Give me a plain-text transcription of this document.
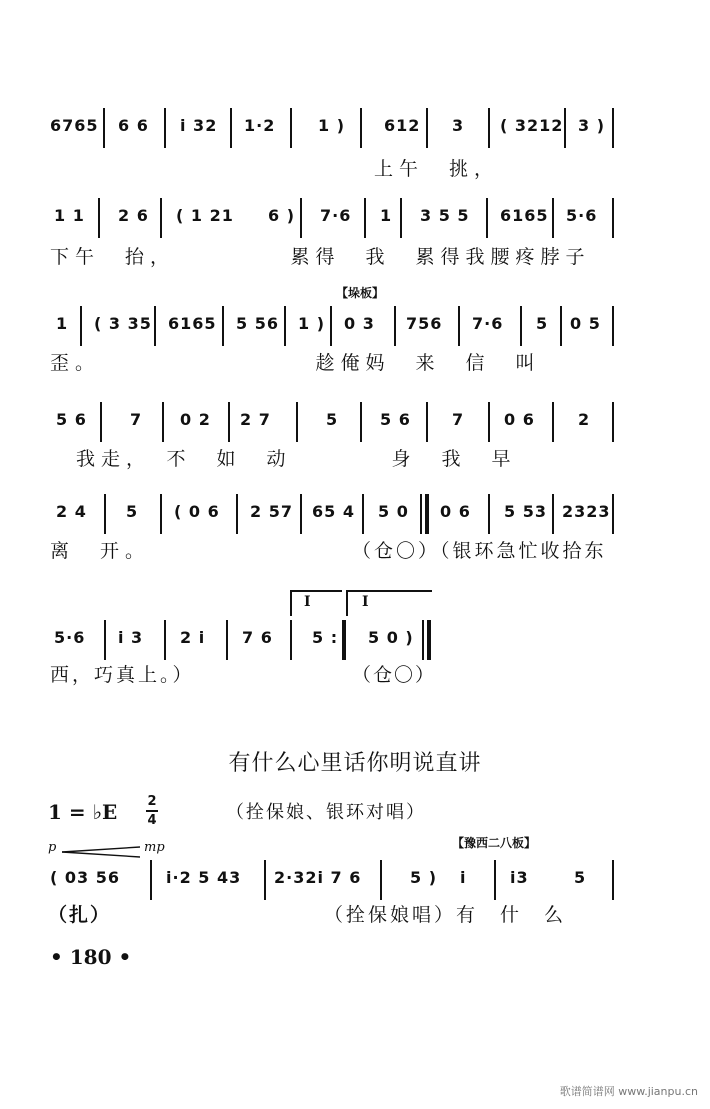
6765 6 6 i 32 1·2	1 ) 612 3 ( 3212 3 )
上午　挑，
1 1 2 6 ( 1 21 6 ) 7·6 1 3 5 5 6165 5·6
下午　抬，　　　　　累得　我　累得我腰疼脖子
【垛板】
1 ( 3 35 6165 5 56 1 ) 0 3 756 7·6 5 0 5
歪。　　　　　　　　　趁俺妈　来　信　叫
5 6	7 0 2 2 7	5	5 6	7 0 6	2
我走，　不　如　动　　　　身　我　早
2 4 5 ( 0 6 2 57 65 4 5 0 0 6 5 53 2323
离　开。	（仓〇）（银环急忙收拾东
I	I
5·6 i 3 2 i 7 6 5 : 5 0 )
西，巧真上。）	（仓〇）
有什么心里话你明说直讲
1 = ♭E 2
4	（拴保娘、银环对唱）
p	mp	【豫西二八板】
( 03 56	i·2 5 43 2·32i 7 6	5 ) i	i3	5
（扎）	（拴保娘唱）有　什　么
• 180 •
歌谱简谱网 www.jianpu.cn
